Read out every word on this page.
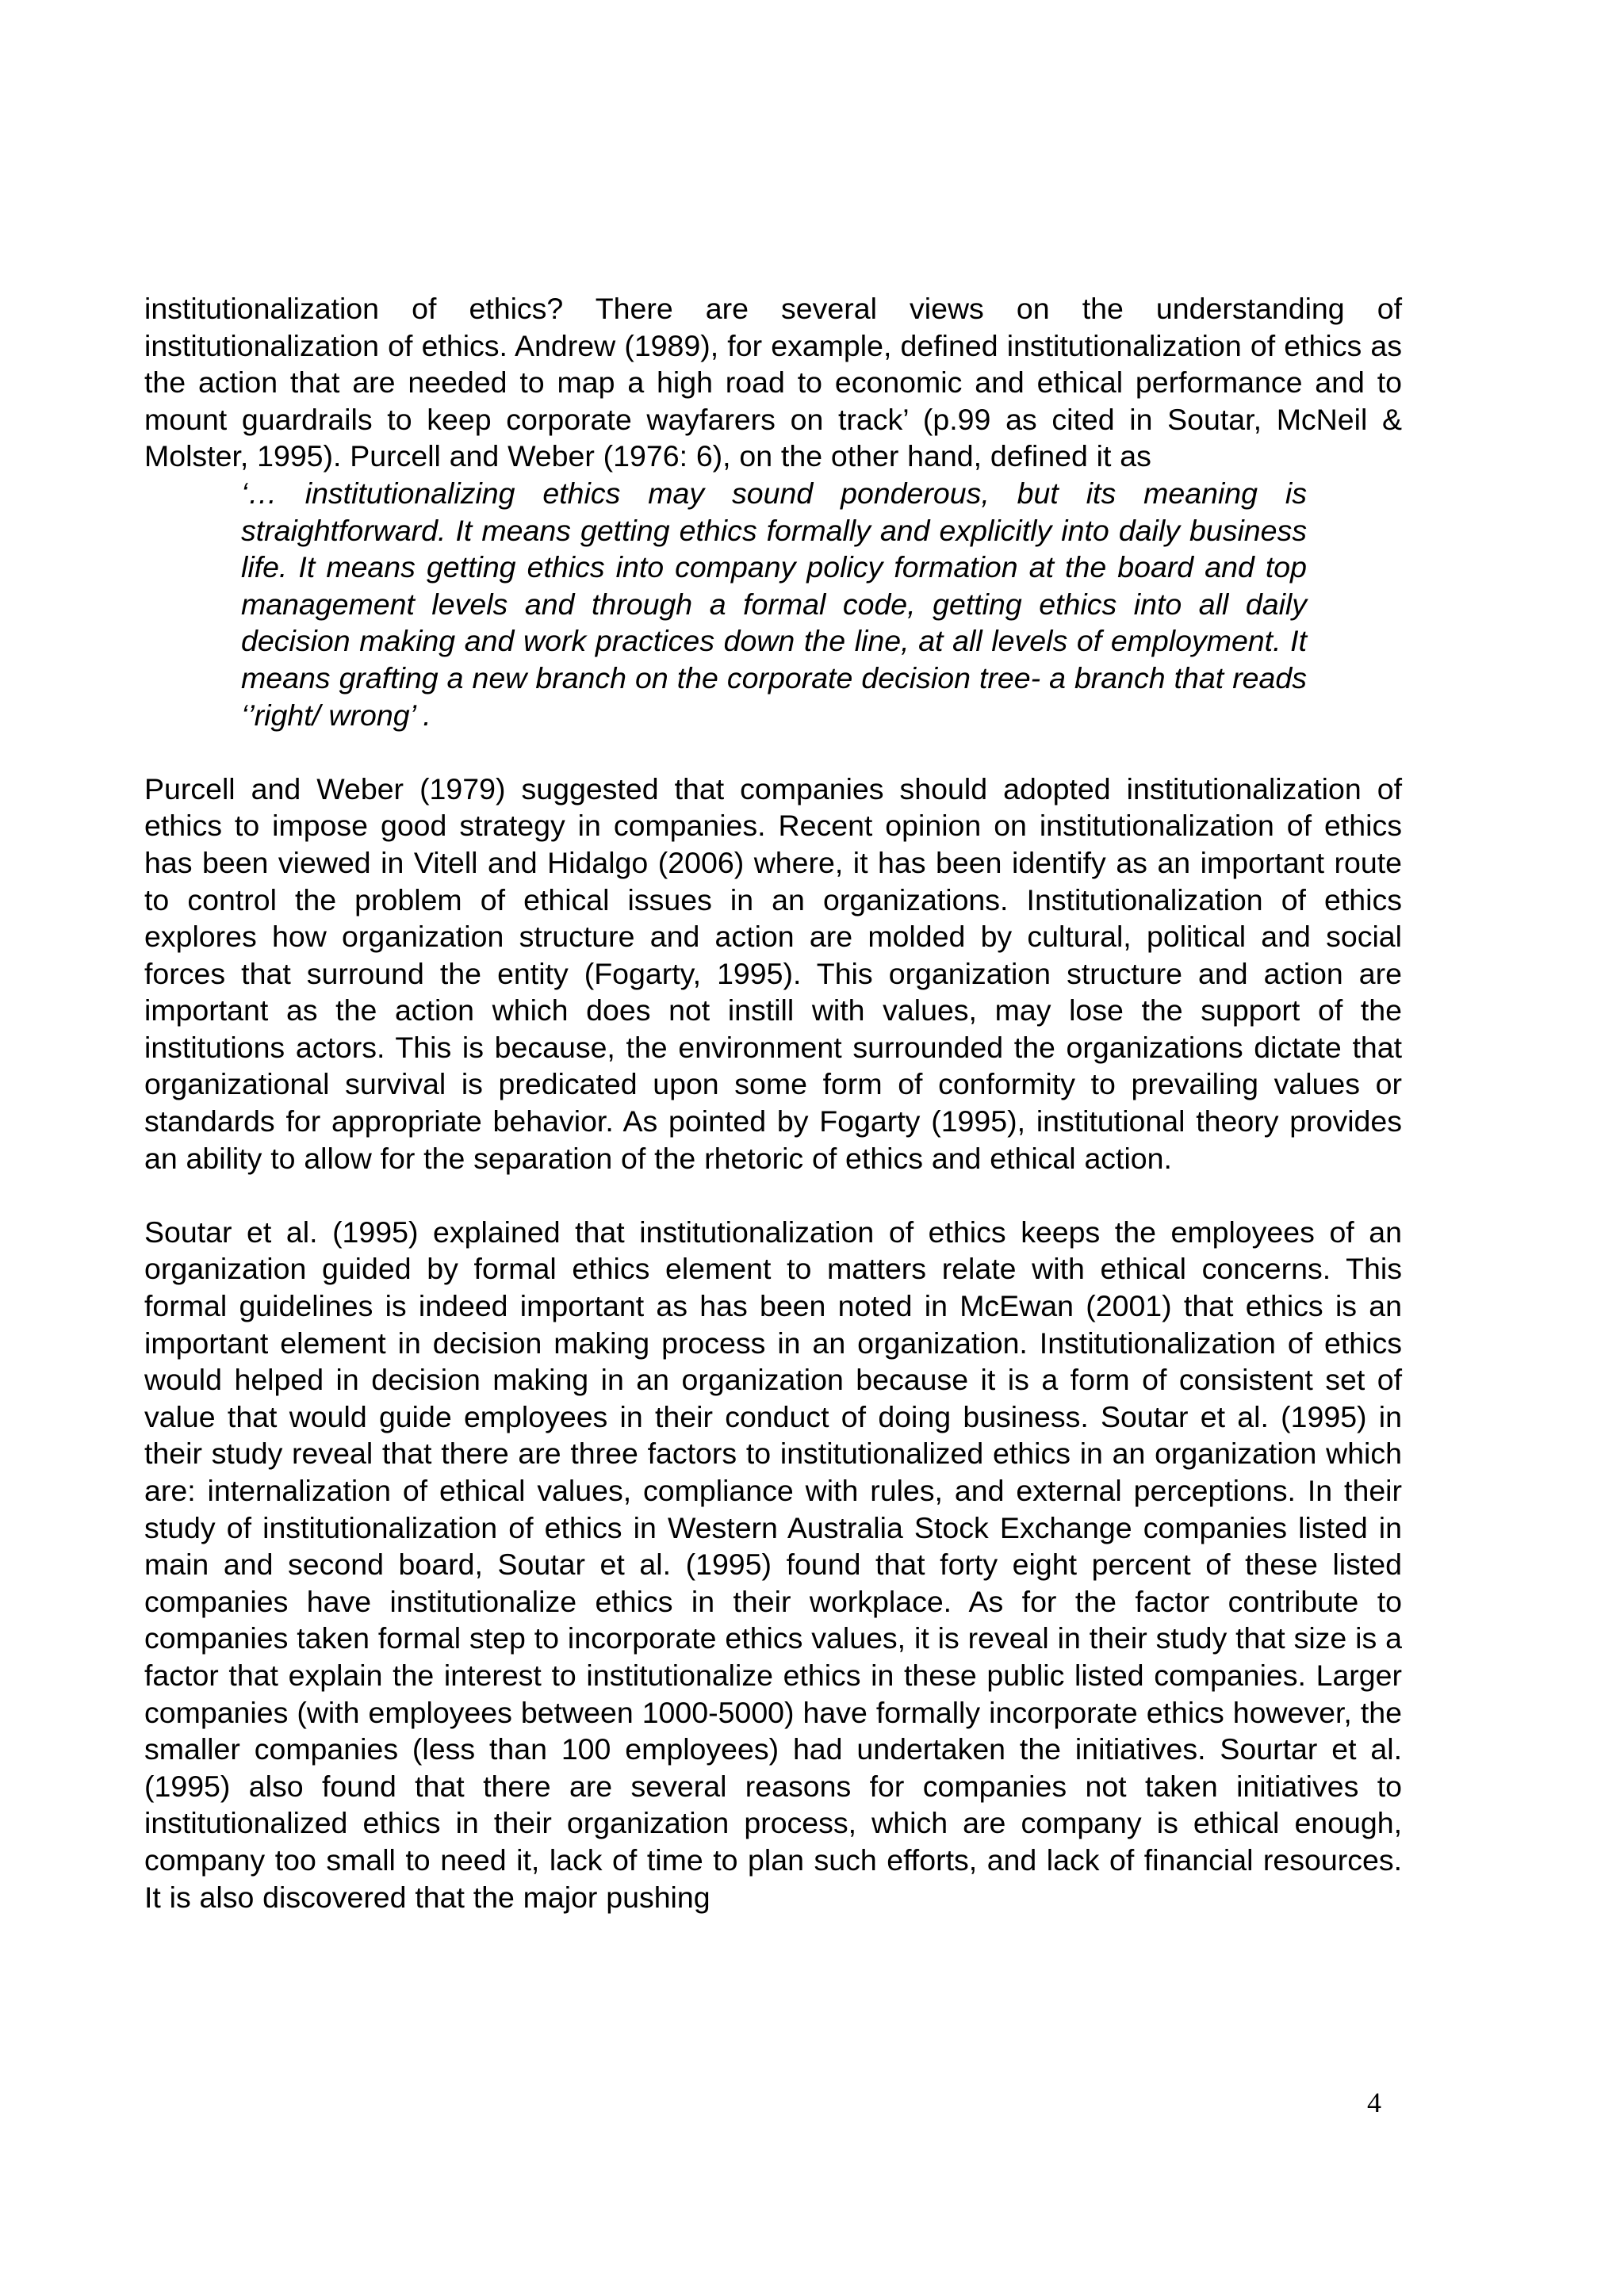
institutionalization of ethics? There are several views on the understanding of institutionalization of ethics. Andrew (1989), for example, defined institutionalization of ethics as the action that are needed to map a high road to economic and ethical performance and to mount guardrails to keep corporate wayfarers on track’ (p.99 as cited in Soutar, McNeil & Molster, 1995). Purcell and Weber (1976: 6), on the other hand, defined it as

‘… institutionalizing ethics may sound ponderous, but its meaning is straightforward. It means getting ethics formally and explicitly into daily business life. It means getting ethics into company policy formation at the board and top management levels and through a formal code, getting ethics into all daily decision making and work practices down the line, at all levels of employment. It means grafting a new branch on the corporate decision tree- a branch that reads ‘’right/ wrong’ .

Purcell and Weber (1979) suggested that companies should adopted institutionalization of ethics to impose good strategy in companies. Recent opinion on institutionalization of ethics has been viewed in Vitell and Hidalgo (2006) where, it has been identify as an important route to control the problem of ethical issues in an organizations. Institutionalization of ethics explores how organization structure and action are molded by cultural, political and social forces that surround the entity (Fogarty, 1995). This organization structure and action are important as the action which does not instill with values, may lose the support of the institutions actors. This is because, the environment surrounded the organizations dictate that organizational survival is predicated upon some form of conformity to prevailing values or standards for appropriate behavior. As pointed by Fogarty (1995), institutional theory provides an ability to allow for the separation of the rhetoric of ethics and ethical action.

Soutar et al. (1995) explained that institutionalization of ethics keeps the employees of an organization guided by formal ethics element to matters relate with ethical concerns. This formal guidelines is indeed important as has been noted in McEwan (2001) that ethics is an important element in decision making process in an organization. Institutionalization of ethics would helped in decision making in an organization because it is a form of consistent set of value that would guide employees in their conduct of doing business. Soutar et al. (1995) in their study reveal that there are three factors to institutionalized ethics in an organization which are: internalization of ethical values, compliance with rules, and external perceptions. In their study of institutionalization of ethics in Western Australia Stock Exchange companies listed in main and second board, Soutar et al. (1995) found that forty eight percent of these listed companies have institutionalize ethics in their workplace. As for the factor contribute to companies taken formal step to incorporate ethics values, it is reveal in their study that size is a factor that explain the interest to institutionalize ethics in these public listed companies. Larger companies (with employees between 1000-5000) have formally incorporate ethics however, the smaller companies (less than 100 employees) had undertaken the initiatives. Sourtar et al. (1995) also found that there are several reasons for companies not taken initiatives to institutionalized ethics in their organization process, which are company is ethical enough, company too small to need it, lack of time to plan such efforts, and lack of financial resources. It is also discovered that the major pushing

4
